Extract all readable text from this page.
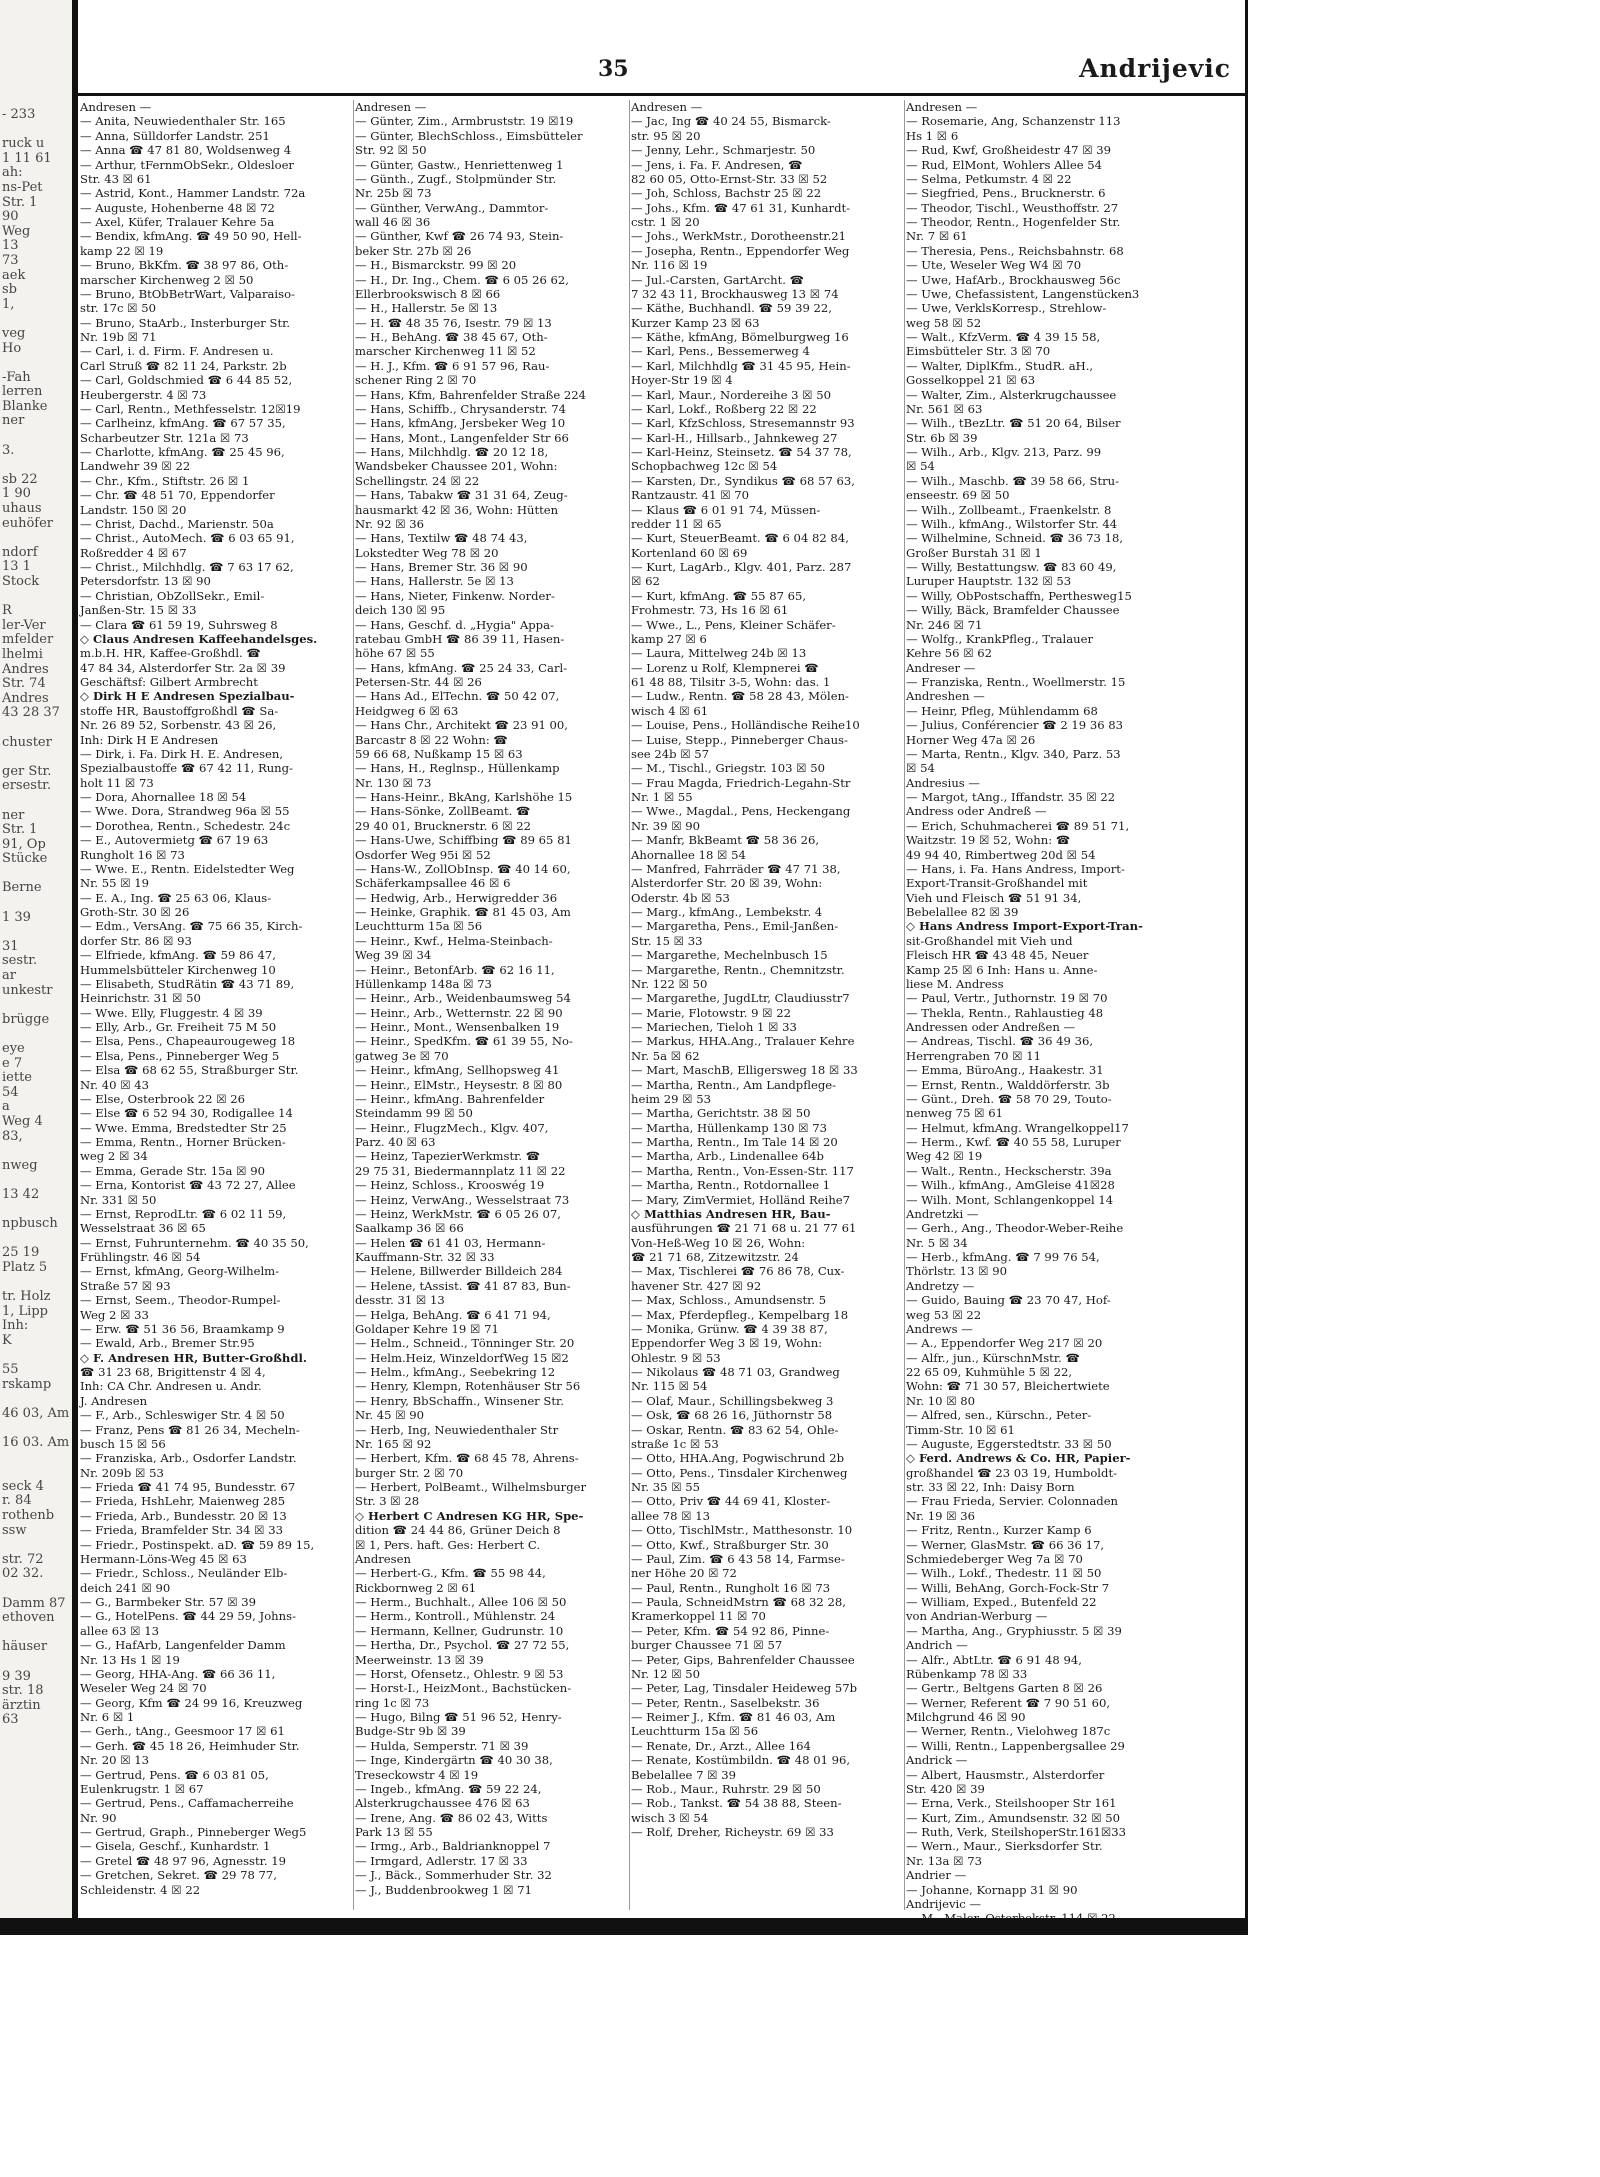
- 233

ruck u
1 11 61
ah:
ns-Pet
Str. 1
90
Weg
13
73
aek
sb
1,

veg
Ho

-Fah
lerren
Blanke
ner

3.

sb 22
1 90
uhaus
euhöfer

ndorf
13 1
Stock

R
ler-Ver
mfelder
lhelmi
Andres
Str. 74
Andres
43 28 37

chuster

ger Str.
ersestr.

ner
Str. 1
91, Op
Stücke

Berne

1 39

31
sestr.
ar
unkestr

brügge

eye
e 7
iette
54
a
Weg 4
83,

nweg

13 42

npbusch

25 19
Platz 5

tr. Holz
1, Lipp
Inh:
K

55
rskamp

46 03, Am

16 03. Am

seck 4
r. 84
rothenb
ssw

str. 72
02 32.

Damm 87
ethoven

häuser

9 39
str. 18
ärztin
63
35	Andrijevic
Andresen —
— Anita, Neuwiedenthaler Str. 165
— Anna, Sülldorfer Landstr. 251
— Anna ☎ 47 81 80, Woldsenweg 4
— Arthur, tFernmObSekr., Oldesloer
Str. 43 ☒ 61
— Astrid, Kont., Hammer Landstr. 72a
— Auguste, Hohenberne 48 ☒ 72
— Axel, Küfer, Tralauer Kehre 5a
— Bendix, kfmAng. ☎ 49 50 90, Hell-
kamp 22 ☒ 19
— Bruno, BkKfm. ☎ 38 97 86, Oth-
marscher Kirchenweg 2 ☒ 50
— Bruno, BtObBetrWart, Valparaiso-
str. 17c ☒ 50
— Bruno, StaArb., Insterburger Str.
Nr. 19b ☒ 71
— Carl, i. d. Firm. F. Andresen u.
Carl Struß ☎ 82 11 24, Parkstr. 2b
— Carl, Goldschmied ☎ 6 44 85 52,
Heubergerstr. 4 ☒ 73
— Carl, Rentn., Methfesselstr. 12☒19
— Carlheinz, kfmAng. ☎ 67 57 35,
Scharbeutzer Str. 121a ☒ 73
— Charlotte, kfmAng. ☎ 25 45 96,
Landwehr 39 ☒ 22
— Chr., Kfm., Stiftstr. 26 ☒ 1
— Chr. ☎ 48 51 70, Eppendorfer
Landstr. 150 ☒ 20
— Christ, Dachd., Marienstr. 50a
— Christ., AutoMech. ☎ 6 03 65 91,
Roßredder 4 ☒ 67
— Christ., Milchhdlg. ☎ 7 63 17 62,
Petersdorfstr. 13 ☒ 90
— Christian, ObZollSekr., Emil-
Janßen-Str. 15 ☒ 33
— Clara ☎ 61 59 19, Suhrsweg 8
◇ Claus Andresen Kaffeehandelsges.
m.b.H. HR, Kaffee-Großhdl. ☎
47 84 34, Alsterdorfer Str. 2a ☒ 39
Geschäftsf: Gilbert Armbrecht
◇ Dirk H E Andresen Spezialbau-
stoffe HR, Baustoffgroßhdl ☎ Sa-
Nr. 26 89 52, Sorbenstr. 43 ☒ 26,
Inh: Dirk H E Andresen
— Dirk, i. Fa. Dirk H. E. Andresen,
Spezialbaustoffe ☎ 67 42 11, Rung-
holt 11 ☒ 73
— Dora, Ahornallee 18 ☒ 54
— Wwe. Dora, Strandweg 96a ☒ 55
— Dorothea, Rentn., Schedestr. 24c
— E., Autovermietg ☎ 67 19 63
Rungholt 16 ☒ 73
— Wwe. E., Rentn. Eidelstedter Weg
Nr. 55 ☒ 19
— E. A., Ing. ☎ 25 63 06, Klaus-
Groth-Str. 30 ☒ 26
— Edm., VersAng. ☎ 75 66 35, Kirch-
dorfer Str. 86 ☒ 93
— Elfriede, kfmAng. ☎ 59 86 47,
Hummelsbütteler Kirchenweg 10
— Elisabeth, StudRätin ☎ 43 71 89,
Heinrichstr. 31 ☒ 50
— Wwe. Elly, Fluggestr. 4 ☒ 39
— Elly, Arb., Gr. Freiheit 75 M 50
— Elsa, Pens., Chapeaurougeweg 18
— Elsa, Pens., Pinneberger Weg 5
— Elsa ☎ 68 62 55, Straßburger Str.
Nr. 40 ☒ 43
— Else, Osterbrook 22 ☒ 26
— Else ☎ 6 52 94 30, Rodigallee 14
— Wwe. Emma, Bredstedter Str 25
— Emma, Rentn., Horner Brücken-
weg 2 ☒ 34
— Emma, Gerade Str. 15a ☒ 90
— Erna, Kontorist ☎ 43 72 27, Allee
Nr. 331 ☒ 50
— Ernst, ReprodLtr. ☎ 6 02 11 59,
Wesselstraat 36 ☒ 65
— Ernst, Fuhrunternehm. ☎ 40 35 50,
Frühlingstr. 46 ☒ 54
— Ernst, kfmAng, Georg-Wilhelm-
Straße 57 ☒ 93
— Ernst, Seem., Theodor-Rumpel-
Weg 2 ☒ 33
— Erw. ☎ 51 36 56, Braamkamp 9
— Ewald, Arb., Bremer Str.95
◇ F. Andresen HR, Butter-Großhdl.
☎ 31 23 68, Brigittenstr 4 ☒ 4,
Inh: CA Chr. Andresen u. Andr.
J. Andresen
— F., Arb., Schleswiger Str. 4 ☒ 50
— Franz, Pens ☎ 81 26 34, Mecheln-
busch 15 ☒ 56
— Franziska, Arb., Osdorfer Landstr.
Nr. 209b ☒ 53
— Frieda ☎ 41 74 95, Bundesstr. 67
— Frieda, HshLehr, Maienweg 285
— Frieda, Arb., Bundesstr. 20 ☒ 13
— Frieda, Bramfelder Str. 34 ☒ 33
— Friedr., Postinspekt. aD. ☎ 59 89 15,
Hermann-Löns-Weg 45 ☒ 63
— Friedr., Schloss., Neuländer Elb-
deich 241 ☒ 90
— G., Barmbeker Str. 57 ☒ 39
— G., HotelPens. ☎ 44 29 59, Johns-
allee 63 ☒ 13
— G., HafArb, Langenfelder Damm
Nr. 13 Hs 1 ☒ 19
— Georg, HHA-Ang. ☎ 66 36 11,
Weseler Weg 24 ☒ 70
— Georg, Kfm ☎ 24 99 16, Kreuzweg
Nr. 6 ☒ 1
— Gerh., tAng., Geesmoor 17 ☒ 61
— Gerh. ☎ 45 18 26, Heimhuder Str.
Nr. 20 ☒ 13
— Gertrud, Pens. ☎ 6 03 81 05,
Eulenkrugstr. 1 ☒ 67
— Gertrud, Pens., Caffamacherreihe
Nr. 90
— Gertrud, Graph., Pinneberger Weg5
— Gisela, Geschf., Kunhardstr. 1
— Gretel ☎ 48 97 96, Agnesstr. 19
— Gretchen, Sekret. ☎ 29 78 77,
Schleidenstr. 4 ☒ 22
Andresen —
— Günter, Zim., Armbruststr. 19 ☒19
— Günter, BlechSchloss., Eimsbütteler
Str. 92 ☒ 50
— Günter, Gastw., Henriettenweg 1
— Günth., Zugf., Stolpmünder Str.
Nr. 25b ☒ 73
— Günther, VerwAng., Dammtor-
wall 46 ☒ 36
— Günther, Kwf ☎ 26 74 93, Stein-
beker Str. 27b ☒ 26
— H., Bismarckstr. 99 ☒ 20
— H., Dr. Ing., Chem. ☎ 6 05 26 62,
Ellerbrookswisch 8 ☒ 66
— H., Hallerstr. 5e ☒ 13
— H. ☎ 48 35 76, Isestr. 79 ☒ 13
— H., BehAng. ☎ 38 45 67, Oth-
marscher Kirchenweg 11 ☒ 52
— H. J., Kfm. ☎ 6 91 57 96, Rau-
schener Ring 2 ☒ 70
— Hans, Kfm, Bahrenfelder Straße 224
— Hans, Schiffb., Chrysanderstr. 74
— Hans, kfmAng, Jersbeker Weg 10
— Hans, Mont., Langenfelder Str 66
— Hans, Milchhdlg. ☎ 20 12 18,
Wandsbeker Chaussee 201, Wohn:
Schellingstr. 24 ☒ 22
— Hans, Tabakw ☎ 31 31 64, Zeug-
hausmarkt 42 ☒ 36, Wohn: Hütten
Nr. 92 ☒ 36
— Hans, Textilw ☎ 48 74 43,
Lokstedter Weg 78 ☒ 20
— Hans, Bremer Str. 36 ☒ 90
— Hans, Hallerstr. 5e ☒ 13
— Hans, Nieter, Finkenw. Norder-
deich 130 ☒ 95
— Hans, Geschf. d. „Hygia" Appa-
ratebau GmbH ☎ 86 39 11, Hasen-
höhe 67 ☒ 55
— Hans, kfmAng. ☎ 25 24 33, Carl-
Petersen-Str. 44 ☒ 26
— Hans Ad., ElTechn. ☎ 50 42 07,
Heidgweg 6 ☒ 63
— Hans Chr., Architekt ☎ 23 91 00,
Barcastr 8 ☒ 22 Wohn: ☎
59 66 68, Nußkamp 15 ☒ 63
— Hans, H., Reglnsp., Hüllenkamp
Nr. 130 ☒ 73
— Hans-Heinr., BkAng, Karlshöhe 15
— Hans-Sönke, ZollBeamt. ☎
29 40 01, Brucknerstr. 6 ☒ 22
— Hans-Uwe, Schiffbing ☎ 89 65 81
Osdorfer Weg 95i ☒ 52
— Hans-W., ZollObInsp. ☎ 40 14 60,
Schäferkampsallee 46 ☒ 6
— Hedwig, Arb., Herwigredder 36
— Heinke, Graphik. ☎ 81 45 03, Am
Leuchtturm 15a ☒ 56
— Heinr., Kwf., Helma-Steinbach-
Weg 39 ☒ 34
— Heinr., BetonfArb. ☎ 62 16 11,
Hüllenkamp 148a ☒ 73
— Heinr., Arb., Weidenbaumsweg 54
— Heinr., Arb., Wetternstr. 22 ☒ 90
— Heinr., Mont., Wensenbalken 19
— Heinr., SpedKfm. ☎ 61 39 55, No-
gatweg 3e ☒ 70
— Heinr., kfmAng, Sellhopsweg 41
— Heinr., ElMstr., Heysestr. 8 ☒ 80
— Heinr., kfmAng. Bahrenfelder
Steindamm 99 ☒ 50
— Heinr., FlugzMech., Klgv. 407,
Parz. 40 ☒ 63
— Heinz, TapezierWerkmstr. ☎
29 75 31, Biedermannplatz 11 ☒ 22
— Heinz, Schloss., Krooswég 19
— Heinz, VerwAng., Wesselstraat 73
— Heinz, WerkMstr. ☎ 6 05 26 07,
Saalkamp 36 ☒ 66
— Helen ☎ 61 41 03, Hermann-
Kauffmann-Str. 32 ☒ 33
— Helene, Billwerder Billdeich 284
— Helene, tAssist. ☎ 41 87 83, Bun-
desstr. 31 ☒ 13
— Helga, BehAng. ☎ 6 41 71 94,
Goldaper Kehre 19 ☒ 71
— Helm., Schneid., Tönninger Str. 20
— Helm.Heiz, WinzeldorfWeg 15 ☒2
— Helm., kfmAng., Seebekring 12
— Henry, Klempn, Rotenhäuser Str 56
— Henry, BbSchaffn., Winsener Str.
Nr. 45 ☒ 90
— Herb, Ing, Neuwiedenthaler Str
Nr. 165 ☒ 92
— Herbert, Kfm. ☎ 68 45 78, Ahrens-
burger Str. 2 ☒ 70
— Herbert, PolBeamt., Wilhelmsburger
Str. 3 ☒ 28
◇ Herbert C Andresen KG HR, Spe-
dition ☎ 24 44 86, Grüner Deich 8
☒ 1, Pers. haft. Ges: Herbert C.
Andresen
— Herbert-G., Kfm. ☎ 55 98 44,
Rickbornweg 2 ☒ 61
— Herm., Buchhalt., Allee 106 ☒ 50
— Herm., Kontroll., Mühlenstr. 24
— Hermann, Kellner, Gudrunstr. 10
— Hertha, Dr., Psychol. ☎ 27 72 55,
Meerweinstr. 13 ☒ 39
— Horst, Ofensetz., Ohlestr. 9 ☒ 53
— Horst-I., HeizMont., Bachstücken-
ring 1c ☒ 73
— Hugo, Bilng ☎ 51 96 52, Henry-
Budge-Str 9b ☒ 39
— Hulda, Semperstr. 71 ☒ 39
— Inge, Kindergärtn ☎ 40 30 38,
Treseckowstr 4 ☒ 19
— Ingeb., kfmAng. ☎ 59 22 24,
Alsterkrugchaussee 476 ☒ 63
— Irene, Ang. ☎ 86 02 43, Witts
Park 13 ☒ 55
— Irmg., Arb., Baldrianknoppel 7
— Irmgard, Adlerstr. 17 ☒ 33
— J., Bäck., Sommerhuder Str. 32
— J., Buddenbrookweg 1 ☒ 71
Andresen —
— Jac, Ing ☎ 40 24 55, Bismarck-
str. 95 ☒ 20
— Jenny, Lehr., Schmarjestr. 50
— Jens, i. Fa. F. Andresen, ☎
82 60 05, Otto-Ernst-Str. 33 ☒ 52
— Joh, Schloss, Bachstr 25 ☒ 22
— Johs., Kfm. ☎ 47 61 31, Kunhardt-
cstr. 1 ☒ 20
— Johs., WerkMstr., Dorotheenstr.21
— Josepha, Rentn., Eppendorfer Weg
Nr. 116 ☒ 19
— Jul.-Carsten, GartArcht. ☎
7 32 43 11, Brockhausweg 13 ☒ 74
— Käthe, Buchhandl. ☎ 59 39 22,
Kurzer Kamp 23 ☒ 63
— Käthe, kfmAng, Bömelburgweg 16
— Karl, Pens., Bessemerweg 4
— Karl, Milchhdlg ☎ 31 45 95, Hein-
Hoyer-Str 19 ☒ 4
— Karl, Maur., Nordereihe 3 ☒ 50
— Karl, Lokf., Roßberg 22 ☒ 22
— Karl, KfzSchloss, Stresemannstr 93
— Karl-H., Hillsarb., Jahnkeweg 27
— Karl-Heinz, Steinsetz. ☎ 54 37 78,
Schopbachweg 12c ☒ 54
— Karsten, Dr., Syndikus ☎ 68 57 63,
Rantzaustr. 41 ☒ 70
— Klaus ☎ 6 01 91 74, Müssen-
redder 11 ☒ 65
— Kurt, SteuerBeamt. ☎ 6 04 82 84,
Kortenland 60 ☒ 69
— Kurt, LagArb., Klgv. 401, Parz. 287
☒ 62
— Kurt, kfmAng. ☎ 55 87 65,
Frohmestr. 73, Hs 16 ☒ 61
— Wwe., L., Pens, Kleiner Schäfer-
kamp 27 ☒ 6
— Laura, Mittelweg 24b ☒ 13
— Lorenz u Rolf, Klempnerei ☎
61 48 88, Tilsitr 3-5, Wohn: das. 1
— Ludw., Rentn. ☎ 58 28 43, Mölen-
wisch 4 ☒ 61
— Louise, Pens., Holländische Reihe10
— Luise, Stepp., Pinneberger Chaus-
see 24b ☒ 57
— M., Tischl., Griegstr. 103 ☒ 50
— Frau Magda, Friedrich-Legahn-Str
Nr. 1 ☒ 55
— Wwe., Magdal., Pens, Heckengang
Nr. 39 ☒ 90
— Manfr, BkBeamt ☎ 58 36 26,
Ahornallee 18 ☒ 54
— Manfred, Fahrräder ☎ 47 71 38,
Alsterdorfer Str. 20 ☒ 39, Wohn:
Oderstr. 4b ☒ 53
— Marg., kfmAng., Lembekstr. 4
— Margaretha, Pens., Emil-Janßen-
Str. 15 ☒ 33
— Margarethe, Mechelnbusch 15
— Margarethe, Rentn., Chemnitzstr.
Nr. 122 ☒ 50
— Margarethe, JugdLtr, Claudiusstr7
— Marie, Flotowstr. 9 ☒ 22
— Mariechen, Tieloh 1 ☒ 33
— Markus, HHA.Ang., Tralauer Kehre
Nr. 5a ☒ 62
— Mart, MaschB, Elligersweg 18 ☒ 33
— Martha, Rentn., Am Landpflege-
heim 29 ☒ 53
— Martha, Gerichtstr. 38 ☒ 50
— Martha, Hüllenkamp 130 ☒ 73
— Martha, Rentn., Im Tale 14 ☒ 20
— Martha, Arb., Lindenallee 64b
— Martha, Rentn., Von-Essen-Str. 117
— Martha, Rentn., Rotdornallee 1
— Mary, ZimVermiet, Holländ Reihe7
◇ Matthias Andresen HR, Bau-
ausführungen ☎ 21 71 68 u. 21 77 61
Von-Heß-Weg 10 ☒ 26, Wohn:
☎ 21 71 68, Zitzewitzstr. 24
— Max, Tischlerei ☎ 76 86 78, Cux-
havener Str. 427 ☒ 92
— Max, Schloss., Amundsenstr. 5
— Max, Pferdepfleg., Kempelbarg 18
— Monika, Grünw. ☎ 4 39 38 87,
Eppendorfer Weg 3 ☒ 19, Wohn:
Ohlestr. 9 ☒ 53
— Nikolaus ☎ 48 71 03, Grandweg
Nr. 115 ☒ 54
— Olaf, Maur., Schillingsbekweg 3
— Osk, ☎ 68 26 16, Jüthornstr 58
— Oskar, Rentn. ☎ 83 62 54, Ohle-
straße 1c ☒ 53
— Otto, HHA.Ang, Pogwischrund 2b
— Otto, Pens., Tinsdaler Kirchenweg
Nr. 35 ☒ 55
— Otto, Priv ☎ 44 69 41, Kloster-
allee 78 ☒ 13
— Otto, TischlMstr., Matthesonstr. 10
— Otto, Kwf., Straßburger Str. 30
— Paul, Zim. ☎ 6 43 58 14, Farmse-
ner Höhe 20 ☒ 72
— Paul, Rentn., Rungholt 16 ☒ 73
— Paula, SchneidMstrn ☎ 68 32 28,
Kramerkoppel 11 ☒ 70
— Peter, Kfm. ☎ 54 92 86, Pinne-
burger Chaussee 71 ☒ 57
— Peter, Gips, Bahrenfelder Chaussee
Nr. 12 ☒ 50
— Peter, Lag, Tinsdaler Heideweg 57b
— Peter, Rentn., Saselbekstr. 36
— Reimer J., Kfm. ☎ 81 46 03, Am
Leuchtturm 15a ☒ 56
— Renate, Dr., Arzt., Allee 164
— Renate, Kostümbildn. ☎ 48 01 96,
Bebelallee 7 ☒ 39
— Rob., Maur., Ruhrstr. 29 ☒ 50
— Rob., Tankst. ☎ 54 38 88, Steen-
wisch 3 ☒ 54
— Rolf, Dreher, Richeystr. 69 ☒ 33
Andresen —
— Rosemarie, Ang, Schanzenstr 113
Hs 1 ☒ 6
— Rud, Kwf, Großheidestr 47 ☒ 39
— Rud, ElMont, Wohlers Allee 54
— Selma, Petkumstr. 4 ☒ 22
— Siegfried, Pens., Brucknerstr. 6
— Theodor, Tischl., Weusthoffstr. 27
— Theodor, Rentn., Hogenfelder Str.
Nr. 7 ☒ 61
— Theresia, Pens., Reichsbahnstr. 68
— Ute, Weseler Weg W4 ☒ 70
— Uwe, HafArb., Brockhausweg 56c
— Uwe, Chefassistent, Langenstücken3
— Uwe, VerklsKorresp., Strehlow-
weg 58 ☒ 52
— Walt., KfzVerm. ☎ 4 39 15 58,
Eimsbütteler Str. 3 ☒ 70
— Walter, DiplKfm., StudR. aH.,
Gosselkoppel 21 ☒ 63
— Walter, Zim., Alsterkrugchaussee
Nr. 561 ☒ 63
— Wilh., tBezLtr. ☎ 51 20 64, Bilser
Str. 6b ☒ 39
— Wilh., Arb., Klgv. 213, Parz. 99
☒ 54
— Wilh., Maschb. ☎ 39 58 66, Stru-
enseestr. 69 ☒ 50
— Wilh., Zollbeamt., Fraenkelstr. 8
— Wilh., kfmAng., Wilstorfer Str. 44
— Wilhelmine, Schneid. ☎ 36 73 18,
Großer Burstah 31 ☒ 1
— Willy, Bestattungsw. ☎ 83 60 49,
Luruper Hauptstr. 132 ☒ 53
— Willy, ObPostschaffn, Perthesweg15
— Willy, Bäck, Bramfelder Chaussee
Nr. 246 ☒ 71
— Wolfg., KrankPfleg., Tralauer
Kehre 56 ☒ 62
Andreser —
— Franziska, Rentn., Woellmerstr. 15
Andreshen —
— Heinr, Pfleg, Mühlendamm 68
— Julius, Conférencier ☎ 2 19 36 83
Horner Weg 47a ☒ 26
— Marta, Rentn., Klgv. 340, Parz. 53
☒ 54
Andresius —
— Margot, tAng., Iffandstr. 35 ☒ 22
Andress oder Andreß —
— Erich, Schuhmacherei ☎ 89 51 71,
Waitzstr. 19 ☒ 52, Wohn: ☎
49 94 40, Rimbertweg 20d ☒ 54
— Hans, i. Fa. Hans Andress, Import-
Export-Transit-Großhandel mit
Vieh und Fleisch ☎ 51 91 34,
Bebelallee 82 ☒ 39
◇ Hans Andress Import-Export-Tran-
sit-Großhandel mit Vieh und
Fleisch HR ☎ 43 48 45, Neuer
Kamp 25 ☒ 6 Inh: Hans u. Anne-
liese M. Andress
— Paul, Vertr., Juthornstr. 19 ☒ 70
— Thekla, Rentn., Rahlaustieg 48
Andressen oder Andreßen —
— Andreas, Tischl. ☎ 36 49 36,
Herrengraben 70 ☒ 11
— Emma, BüroAng., Haakestr. 31
— Ernst, Rentn., Walddörferstr. 3b
— Günt., Dreh. ☎ 58 70 29, Touto-
nenweg 75 ☒ 61
— Helmut, kfmAng. Wrangelkoppel17
— Herm., Kwf. ☎ 40 55 58, Luruper
Weg 42 ☒ 19
— Walt., Rentn., Heckscherstr. 39a
— Wilh., kfmAng., AmGleise 41☒28
— Wilh. Mont, Schlangenkoppel 14
Andretzki —
— Gerh., Ang., Theodor-Weber-Reihe
Nr. 5 ☒ 34
— Herb., kfmAng. ☎ 7 99 76 54,
Thörlstr. 13 ☒ 90
Andretzy —
— Guido, Bauing ☎ 23 70 47, Hof-
weg 53 ☒ 22
Andrews —
— A., Eppendorfer Weg 217 ☒ 20
— Alfr., jun., KürschnMstr. ☎
22 65 09, Kuhmühle 5 ☒ 22,
Wohn: ☎ 71 30 57, Bleichertwiete
Nr. 10 ☒ 80
— Alfred, sen., Kürschn., Peter-
Timm-Str. 10 ☒ 61
— Auguste, Eggerstedtstr. 33 ☒ 50
◇ Ferd. Andrews & Co. HR, Papier-
großhandel ☎ 23 03 19, Humboldt-
str. 33 ☒ 22, Inh: Daisy Born
— Frau Frieda, Servier. Colonnaden
Nr. 19 ☒ 36
— Fritz, Rentn., Kurzer Kamp 6
— Werner, GlasMstr. ☎ 66 36 17,
Schmiedeberger Weg 7a ☒ 70
— Wilh., Lokf., Thedestr. 11 ☒ 50
— Willi, BehAng, Gorch-Fock-Str 7
— William, Exped., Butenfeld 22
von Andrian-Werburg —
— Martha, Ang., Gryphiusstr. 5 ☒ 39
Andrich —
— Alfr., AbtLtr. ☎ 6 91 48 94,
Rübenkamp 78 ☒ 33
— Gertr., Beltgens Garten 8 ☒ 26
— Werner, Referent ☎ 7 90 51 60,
Milchgrund 46 ☒ 90
— Werner, Rentn., Vielohweg 187c
— Willi, Rentn., Lappenbergsallee 29
Andrick —
— Albert, Hausmstr., Alsterdorfer
Str. 420 ☒ 39
— Erna, Verk., Steilshooper Str 161
— Kurt, Zim., Amundsenstr. 32 ☒ 50
— Ruth, Verk, SteilshoperStr.161☒33
— Wern., Maur., Sierksdorfer Str.
Nr. 13a ☒ 73
Andrier —
— Johanne, Kornapp 31 ☒ 90
Andrijevic —
